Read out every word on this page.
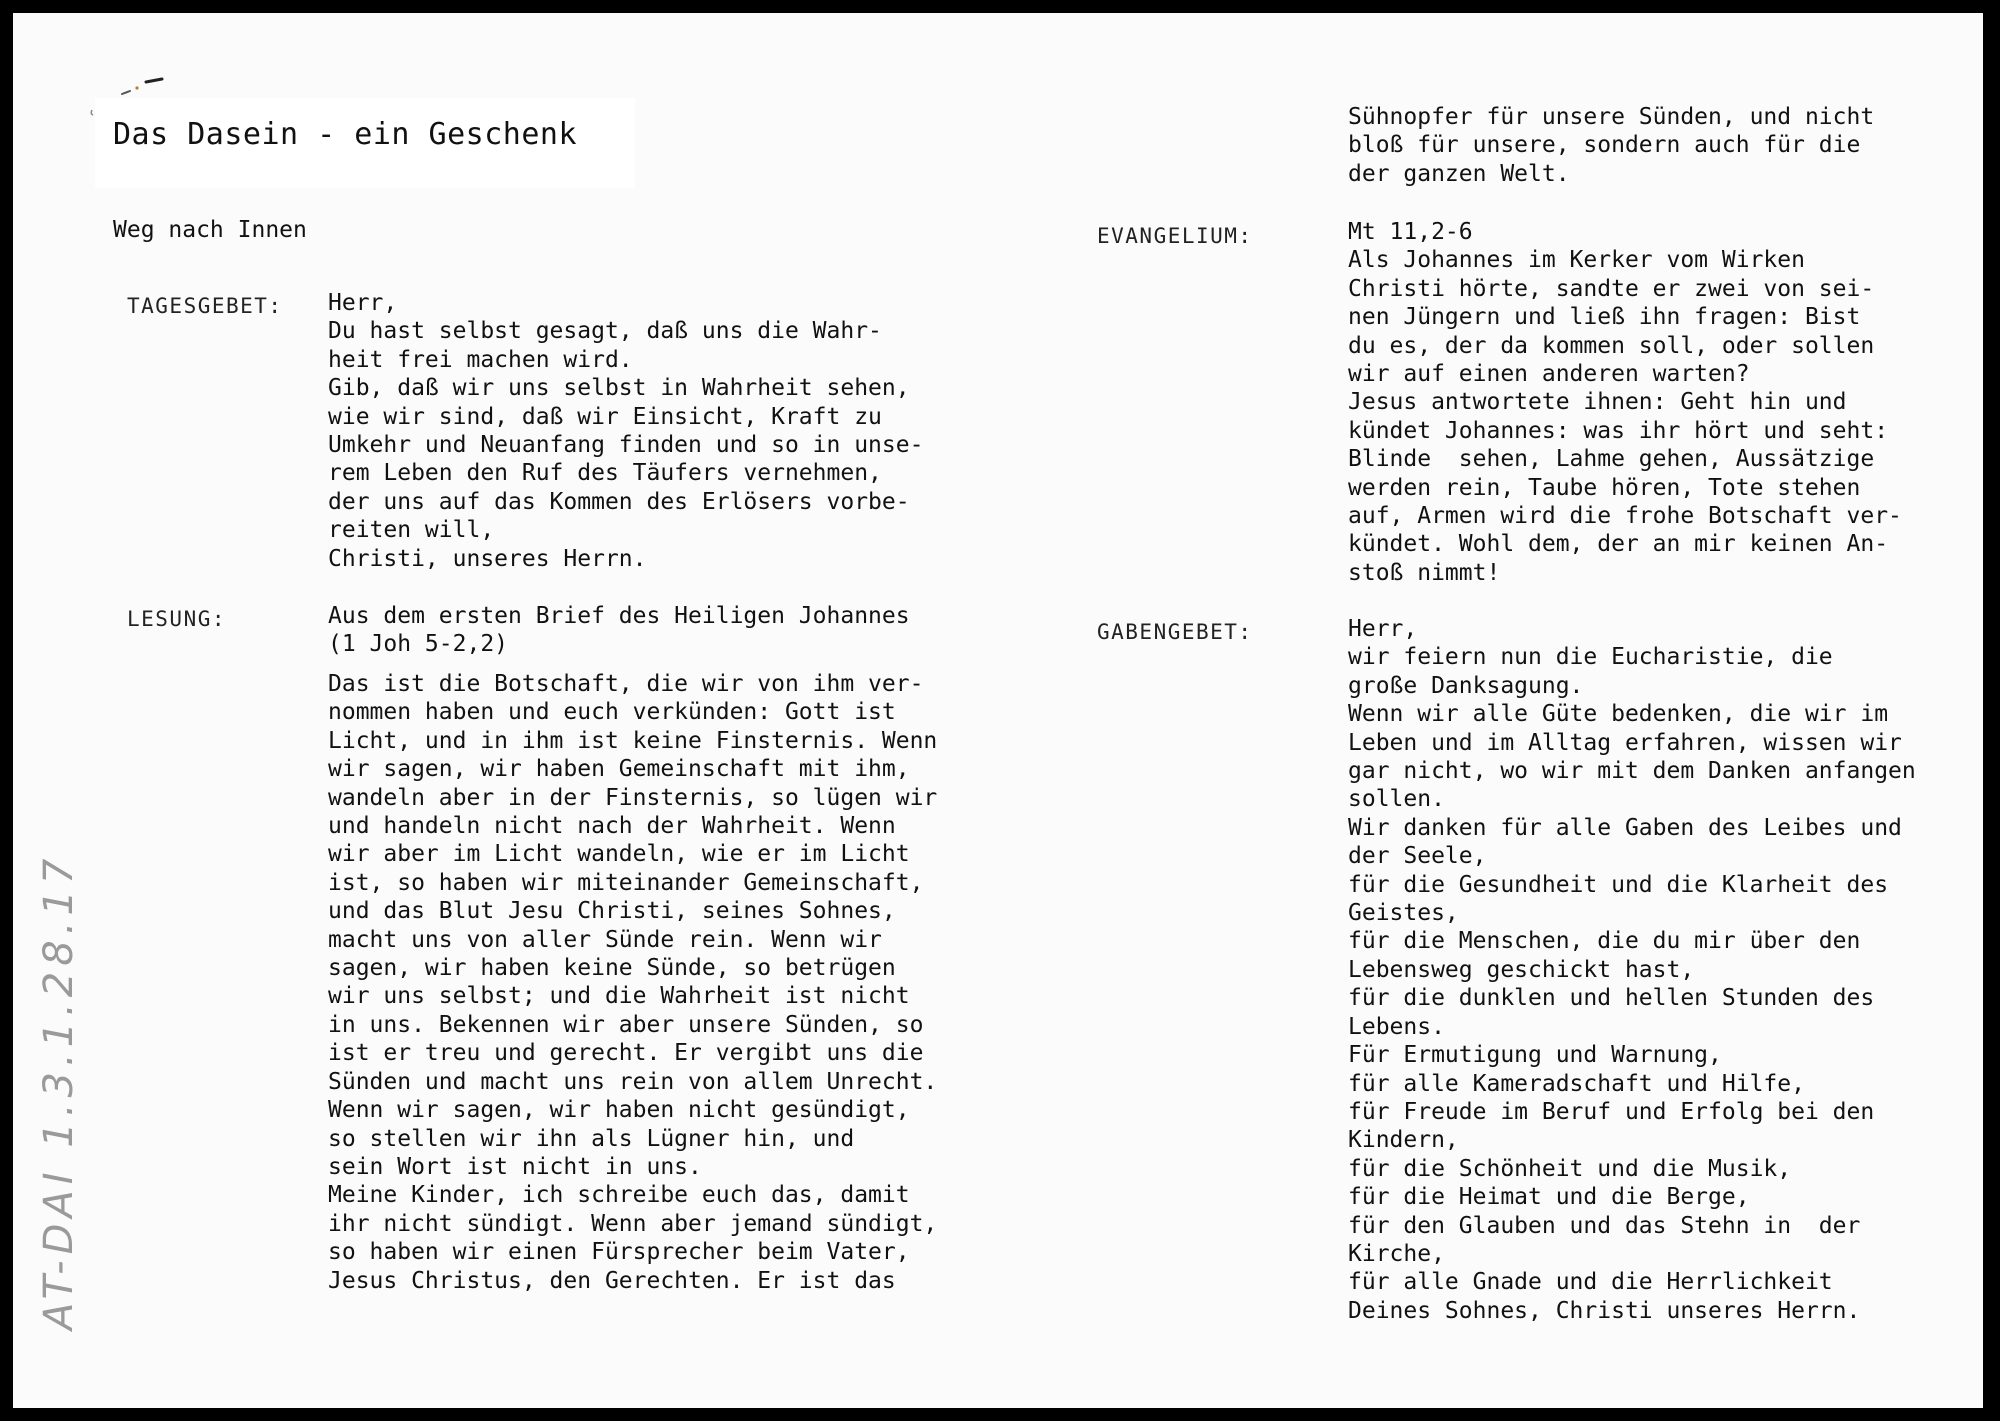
Das Dasein - ein Geschenk
Weg nach Innen
TAGESGEBET: Herr,
Du hast selbst gesagt, daß uns die Wahr-
heit frei machen wird.
Gib, daß wir uns selbst in Wahrheit sehen,
wie wir sind, daß wir Einsicht, Kraft zu
Umkehr und Neuanfang finden und so in unse-
rem Leben den Ruf des Täufers vernehmen,
der uns auf das Kommen des Erlösers vorbe-
reiten will,
Christi, unseres Herrn.
LESUNG:	Aus dem ersten Brief des Heiligen Johannes
(1 Joh 5-2,2)
Das ist die Botschaft, die wir von ihm ver-
nommen haben und euch verkünden: Gott ist
Licht, und in ihm ist keine Finsternis. Wenn
wir sagen, wir haben Gemeinschaft mit ihm,
wandeln aber in der Finsternis, so lügen wir
und handeln nicht nach der Wahrheit. Wenn
wir aber im Licht wandeln, wie er im Licht
ist, so haben wir miteinander Gemeinschaft,
und das Blut Jesu Christi, seines Sohnes,
macht uns von aller Sünde rein. Wenn wir
sagen, wir haben keine Sünde, so betrügen
wir uns selbst; und die Wahrheit ist nicht
in uns. Bekennen wir aber unsere Sünden, so
ist er treu und gerecht. Er vergibt uns die
Sünden und macht uns rein von allem Unrecht.
Wenn wir sagen, wir haben nicht gesündigt,
so stellen wir ihn als Lügner hin, und
sein Wort ist nicht in uns.
Meine Kinder, ich schreibe euch das, damit
ihr nicht sündigt. Wenn aber jemand sündigt,
so haben wir einen Fürsprecher beim Vater,
Jesus Christus, den Gerechten. Er ist das
Sühnopfer für unsere Sünden, und nicht
bloß für unsere, sondern auch für die
der ganzen Welt.
EVANGELIUM:	Mt 11,2-6
Als Johannes im Kerker vom Wirken
Christi hörte, sandte er zwei von sei-
nen Jüngern und ließ ihn fragen: Bist
du es, der da kommen soll, oder sollen
wir auf einen anderen warten?
Jesus antwortete ihnen: Geht hin und
kündet Johannes: was ihr hört und seht:
Blinde  sehen, Lahme gehen, Aussätzige
werden rein, Taube hören, Tote stehen
auf, Armen wird die frohe Botschaft ver-
kündet. Wohl dem, der an mir keinen An-
stoß nimmt!
GABENGEBET:	Herr,
wir feiern nun die Eucharistie, die
große Danksagung.
Wenn wir alle Güte bedenken, die wir im
Leben und im Alltag erfahren, wissen wir
gar nicht, wo wir mit dem Danken anfangen
sollen.
Wir danken für alle Gaben des Leibes und
der Seele,
für die Gesundheit und die Klarheit des
Geistes,
für die Menschen, die du mir über den
Lebensweg geschickt hast,
für die dunklen und hellen Stunden des
Lebens.
Für Ermutigung und Warnung,
für alle Kameradschaft und Hilfe,
für Freude im Beruf und Erfolg bei den
Kindern,
für die Schönheit und die Musik,
für die Heimat und die Berge,
für den Glauben und das Stehn in  der
Kirche,
für alle Gnade und die Herrlichkeit
Deines Sohnes, Christi unseres Herrn.
AT-DAI 1.3.1.28.17
